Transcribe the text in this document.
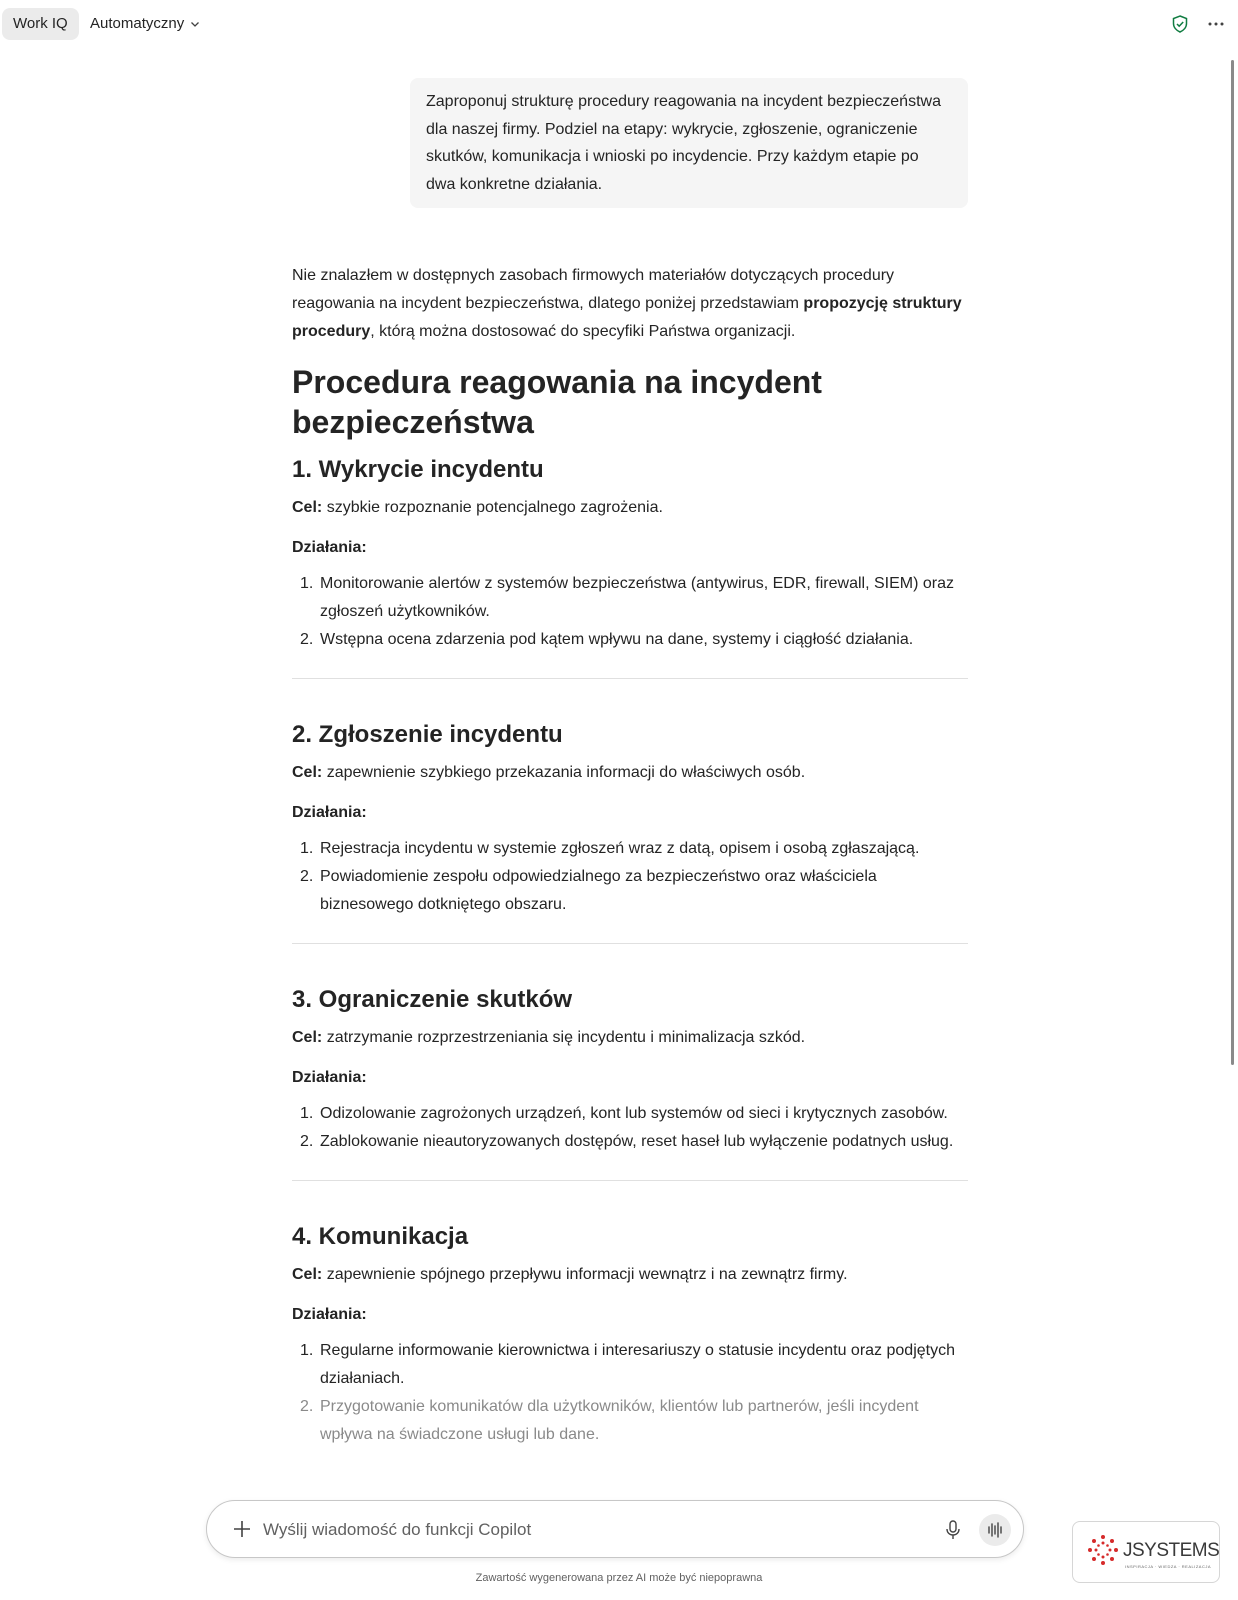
Work IQ	Automatyczny
Zaproponuj strukturę procedury reagowania na incydent bezpieczeństwa dla naszej firmy. Podziel na etapy: wykrycie, zgłoszenie, ograniczenie skutków, komunikacja i wnioski po incydencie. Przy każdym etapie po dwa konkretne działania.

Nie znalazłem w dostępnych zasobach firmowych materiałów dotyczących procedury reagowania na incydent bezpieczeństwa, dlatego poniżej przedstawiam propozycję struktury procedury, którą można dostosować do specyfiki Państwa organizacji.

Procedura reagowania na incydent bezpieczeństwa
1. Wykrycie incydentu

Cel: szybkie rozpoznanie potencjalnego zagrożenia.

Działania:

1. Monitorowanie alertów z systemów bezpieczeństwa (antywirus, EDR, firewall, SIEM) oraz zgłoszeń użytkowników.
2. Wstępna ocena zdarzenia pod kątem wpływu na dane, systemy i ciągłość działania.
2. Zgłoszenie incydentu

Cel: zapewnienie szybkiego przekazania informacji do właściwych osób.

Działania:

1. Rejestracja incydentu w systemie zgłoszeń wraz z datą, opisem i osobą zgłaszającą.
2. Powiadomienie zespołu odpowiedzialnego za bezpieczeństwo oraz właściciela biznesowego dotkniętego obszaru.
3. Ograniczenie skutków

Cel: zatrzymanie rozprzestrzeniania się incydentu i minimalizacja szkód.

Działania:

1. Odizolowanie zagrożonych urządzeń, kont lub systemów od sieci i krytycznych zasobów.
2. Zablokowanie nieautoryzowanych dostępów, reset haseł lub wyłączenie podatnych usług.
4. Komunikacja

Cel: zapewnienie spójnego przepływu informacji wewnątrz i na zewnątrz firmy.

Działania:

1. Regularne informowanie kierownictwa i interesariuszy o statusie incydentu oraz podjętych działaniach.
2. Przygotowanie komunikatów dla użytkowników, klientów lub partnerów, jeśli incydent wpływa na świadczone usługi lub dane.
Wyślij wiadomość do funkcji Copilot
Zawartość wygenerowana przez AI może być niepoprawna
JSYSTEMS
INSPIRACJA · WIEDZA · REALIZACJA
